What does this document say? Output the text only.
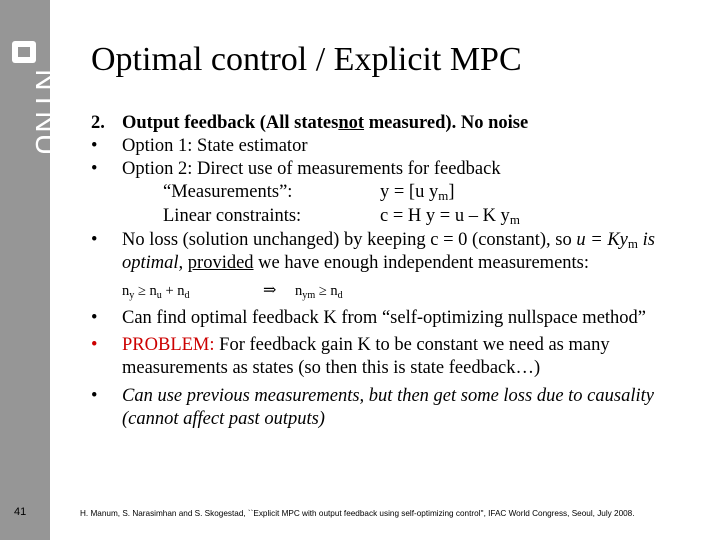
NTNU
41
Optimal control / Explicit MPC
2. Output feedback (All statesnot measured). No noise
• Option 1: State estimator
• Option 2: Direct use of measurements for feedback
“Measurements”:	y = [u $y_m$]
Linear constraints:	c = H y = u – K $y_m$
• No loss (solution unchanged) by keeping c = 0 (constant), so $u = Ky_m$ is
optimal, provided we have enough independent measurements:
$n_y \ge n_u + n_d$	⇒ $n_{ym} \ge n_d$
• Can find optimal feedback K from “self-optimizing nullspace method”
• PROBLEM: For feedback gain K to be constant we need as many
measurements as states (so then this is state feedback…)
• Can use previous measurements, but then get some loss due to causality
(cannot affect past outputs)
H. Manum, S. Narasimhan and S. Skogestad, ``Explicit MPC with output feedback using self-optimizing control'', IFAC World Congress, Seoul, July 2008.
